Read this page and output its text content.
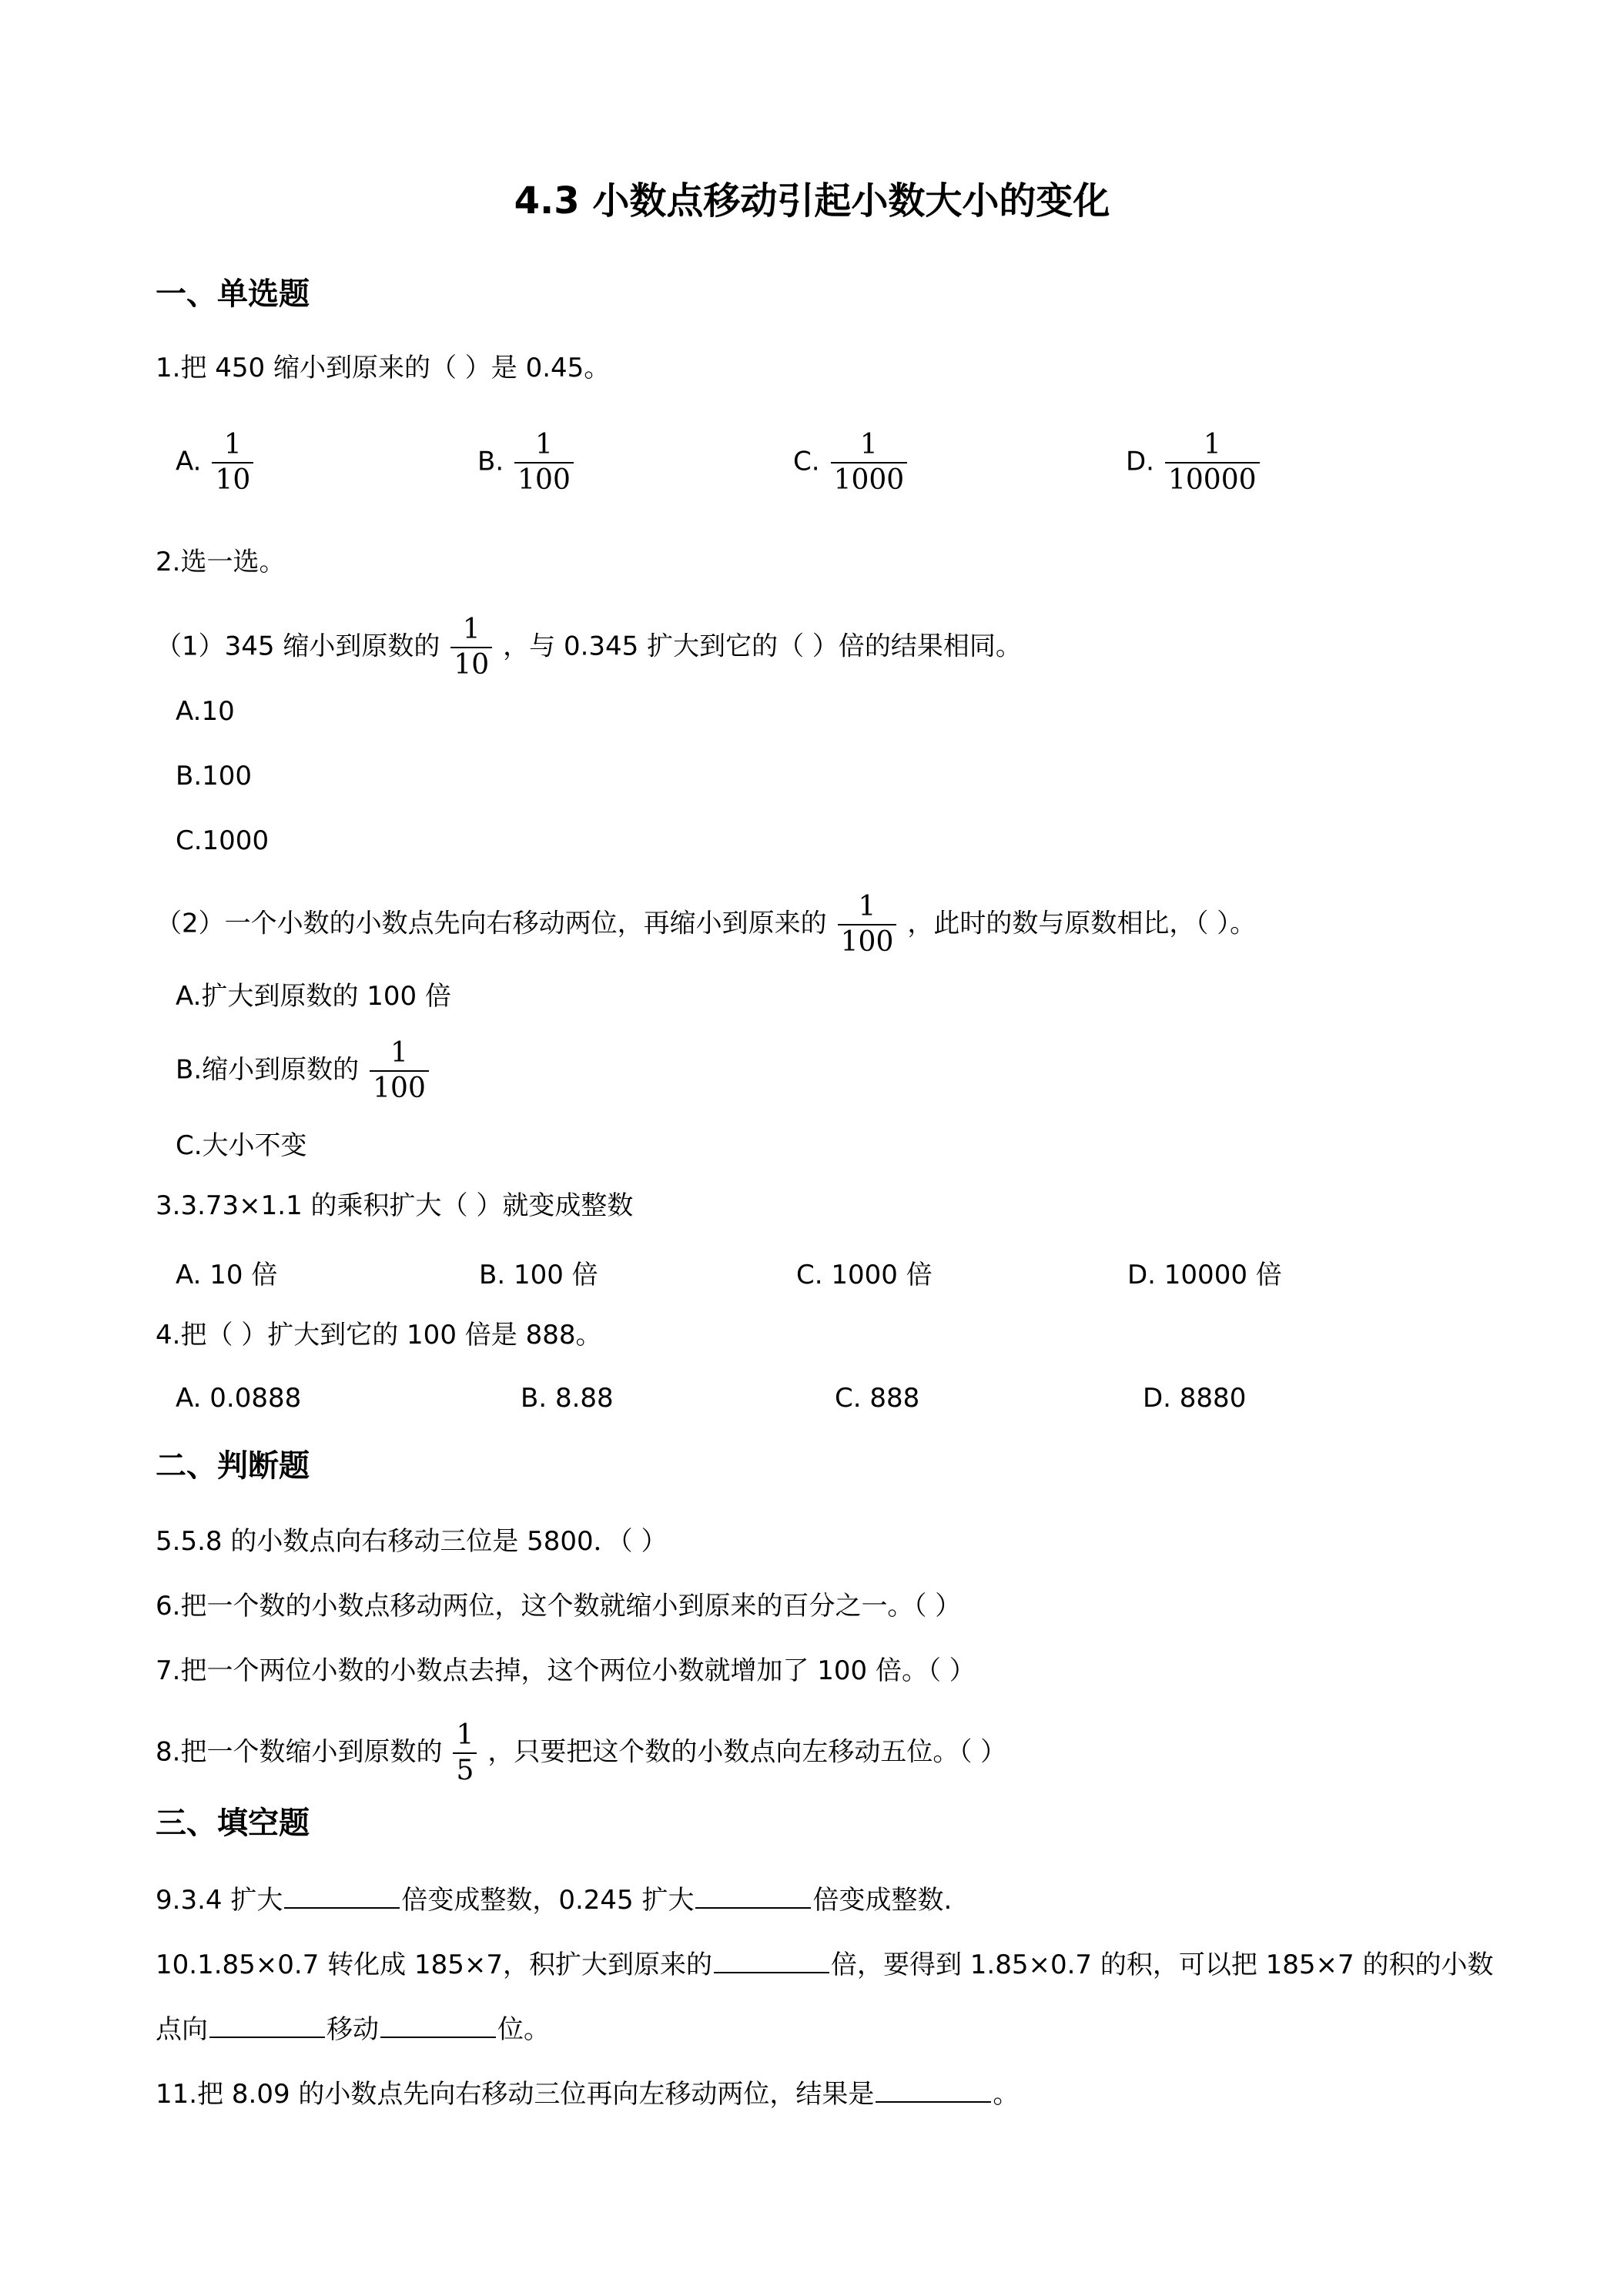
4.3 小数点移动引起小数大小的变化
一、单选题
1.把 450 缩小到原来的（ ）是 0.45。
A. $\frac{1}{10}$	B. $\frac{1}{100}$	C. $\frac{1}{1000}$	D. $\frac{1}{10000}$
2.选一选。
（1）345 缩小到原数的 $\frac{1}{10}$ ，与 0.345 扩大到它的（ ）倍的结果相同。
A.10
B.100
C.1000
（2）一个小数的小数点先向右移动两位，再缩小到原来的 $\frac{1}{100}$ ，此时的数与原数相比，（ ）。
A.扩大到原数的 100 倍
B.缩小到原数的 $\frac{1}{100}$
C.大小不变
3.3.73×1.1 的乘积扩大（ ）就变成整数
A. 10 倍	B. 100 倍	C. 1000 倍	D. 10000 倍
4.把（ ）扩大到它的 100 倍是 888。
A. 0.0888	B. 8.88	C. 888	D. 8880
二、判断题
5.5.8 的小数点向右移动三位是 5800．（ ）
6.把一个数的小数点移动两位，这个数就缩小到原来的百分之一。（ ）
7.把一个两位小数的小数点去掉，这个两位小数就增加了 100 倍。（ ）
8.把一个数缩小到原数的 $\frac{1}{5}$ ，只要把这个数的小数点向左移动五位。（ ）
三、填空题
9.3.4 扩大	倍变成整数，0.245 扩大	倍变成整数.
10.1.85×0.7 转化成 185×7，积扩大到原来的	倍，要得到 1.85×0.7 的积，可以把 185×7 的积的小数
点向	移动	位。
11.把 8.09 的小数点先向右移动三位再向左移动两位，结果是	。
